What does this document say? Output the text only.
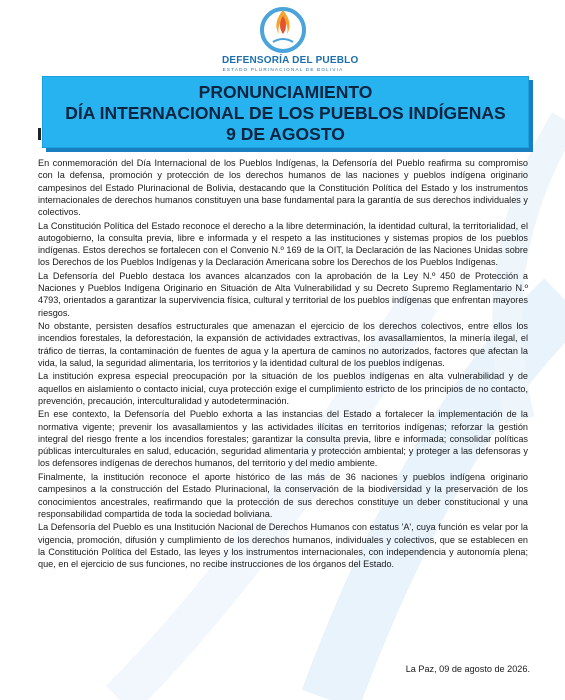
DEFENSORÍA DEL PUEBLO
ESTADO PLURINACIONAL DE BOLIVIA
PRONUNCIAMIENTO
DÍA INTERNACIONAL DE LOS PUEBLOS INDÍGENAS
9 DE AGOSTO

En conmemoración del Día Internacional de los Pueblos Indígenas, la Defensoría del Pueblo reafirma su compromiso con la defensa, promoción y protección de los derechos humanos de las naciones y pueblos indígena originario campesinos del Estado Plurinacional de Bolivia, destacando que la Constitución Política del Estado y los instrumentos internacionales de derechos humanos constituyen una base fundamental para la garantía de sus derechos individuales y colectivos.

La Constitución Política del Estado reconoce el derecho a la libre determinación, la identidad cultural, la territorialidad, el autogobierno, la consulta previa, libre e informada y el respeto a las instituciones y sistemas propios de los pueblos indígenas. Estos derechos se fortalecen con el Convenio N.º 169 de la OIT, la Declaración de las Naciones Unidas sobre los Derechos de los Pueblos Indígenas y la Declaración Americana sobre los Derechos de los Pueblos Indígenas.

La Defensoría del Pueblo destaca los avances alcanzados con la aprobación de la Ley N.º 450 de Protección a Naciones y Pueblos Indígena Originario en Situación de Alta Vulnerabilidad y su Decreto Supremo Reglamentario N.º 4793, orientados a garantizar la supervivencia física, cultural y territorial de los pueblos indígenas que enfrentan mayores riesgos.

No obstante, persisten desafíos estructurales que amenazan el ejercicio de los derechos colectivos, entre ellos los incendios forestales, la deforestación, la expansión de actividades extractivas, los avasallamientos, la minería ilegal, el tráfico de tierras, la contaminación de fuentes de agua y la apertura de caminos no autorizados, factores que afectan la vida, la salud, la seguridad alimentaria, los territorios y la identidad cultural de los pueblos indígenas.

La institución expresa especial preocupación por la situación de los pueblos indígenas en alta vulnerabilidad y de aquellos en aislamiento o contacto inicial, cuya protección exige el cumplimiento estricto de los principios de no contacto, prevención, precaución, interculturalidad y autodeterminación.

En ese contexto, la Defensoría del Pueblo exhorta a las instancias del Estado a fortalecer la implementación de la normativa vigente; prevenir los avasallamientos y las actividades ilícitas en territorios indígenas; reforzar la gestión integral del riesgo frente a los incendios forestales; garantizar la consulta previa, libre e informada; consolidar políticas públicas interculturales en salud, educación, seguridad alimentaria y protección ambiental; y proteger a las defensoras y los defensores indígenas de derechos humanos, del territorio y del medio ambiente.

Finalmente, la institución reconoce el aporte histórico de las más de 36 naciones y pueblos indígena originario campesinos a la construcción del Estado Plurinacional, la conservación de la biodiversidad y la preservación de los conocimientos ancestrales, reafirmando que la protección de sus derechos constituye un deber constitucional y una responsabilidad compartida de toda la sociedad boliviana.

La Defensoría del Pueblo es una Institución Nacional de Derechos Humanos con estatus 'A', cuya función es velar por la vigencia, promoción, difusión y cumplimiento de los derechos humanos, individuales y colectivos, que se establecen en la Constitución Política del Estado, las leyes y los instrumentos internacionales, con independencia y autonomía plena; que, en el ejercicio de sus funciones, no recibe instrucciones de los órganos del Estado.

La Paz, 09 de agosto de 2026.
